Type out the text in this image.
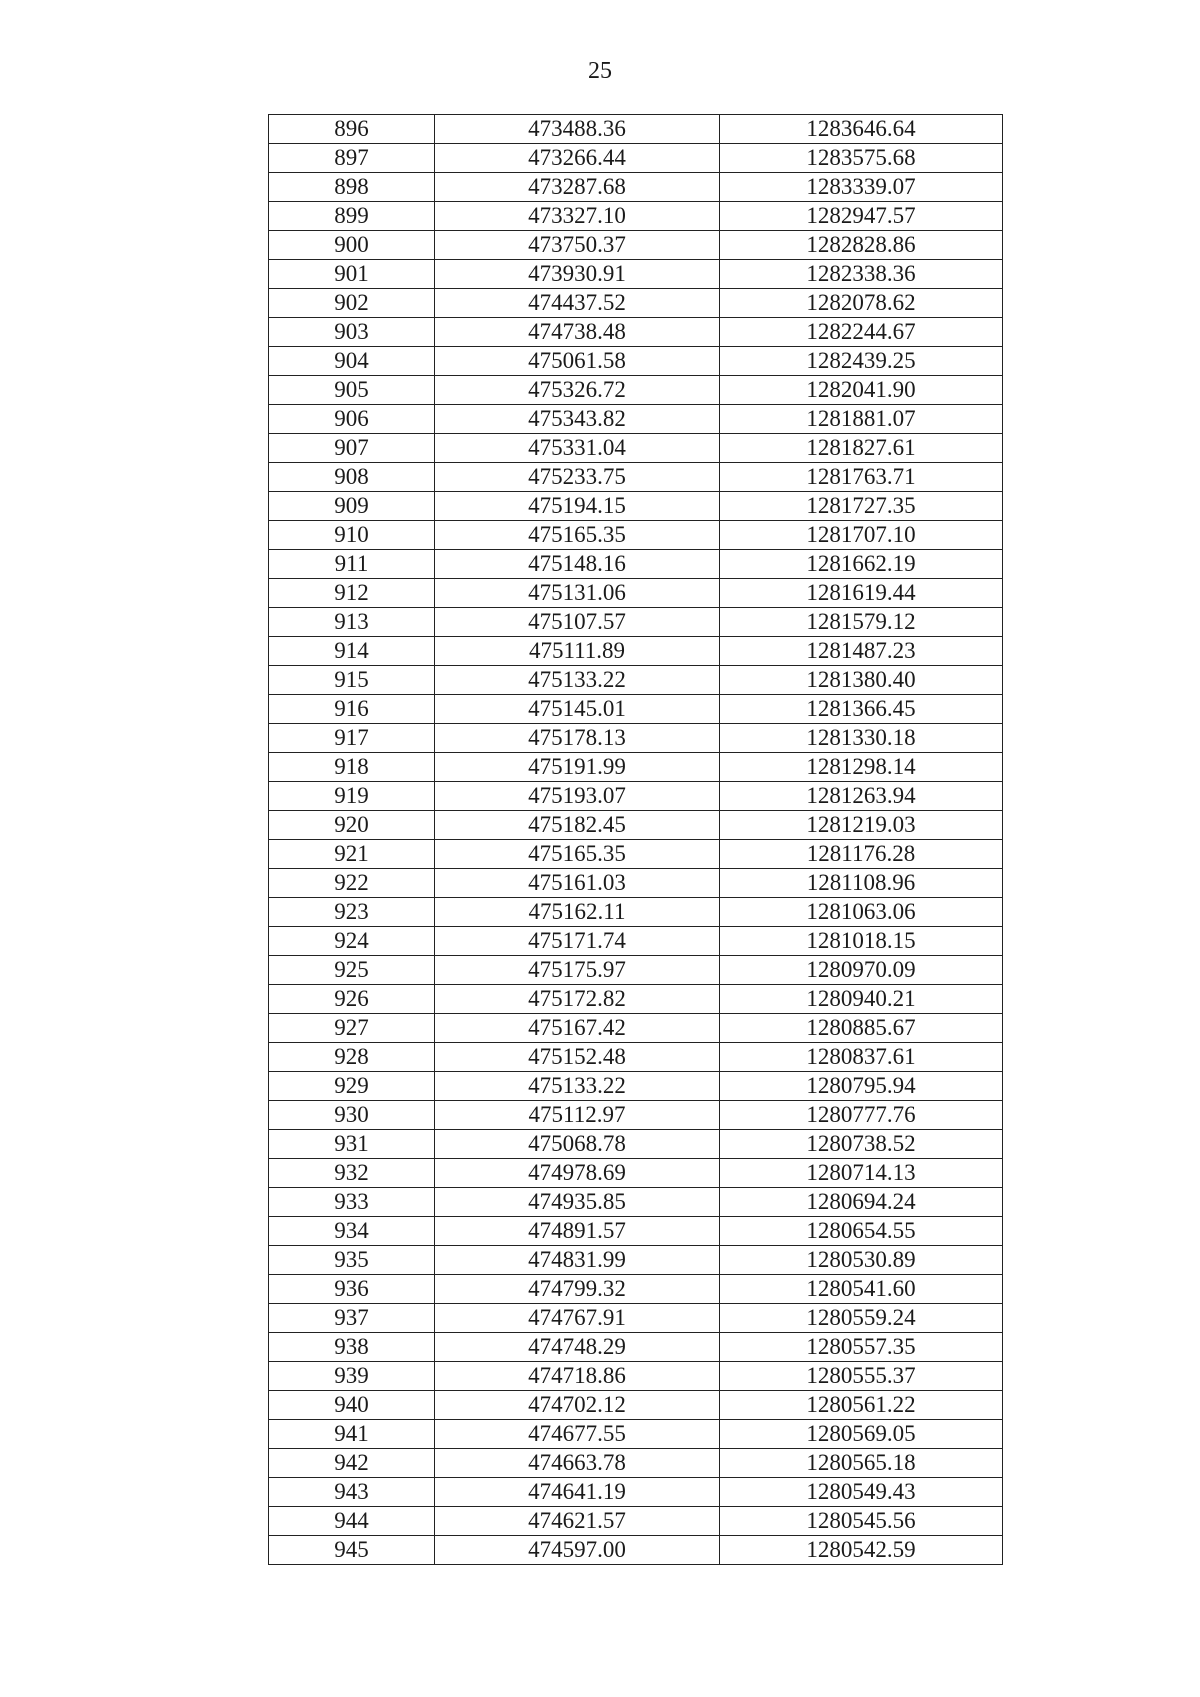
25
896	473488.36	1283646.64
897	473266.44	1283575.68
898	473287.68	1283339.07
899	473327.10	1282947.57
900	473750.37	1282828.86
901	473930.91	1282338.36
902	474437.52	1282078.62
903	474738.48	1282244.67
904	475061.58	1282439.25
905	475326.72	1282041.90
906	475343.82	1281881.07
907	475331.04	1281827.61
908	475233.75	1281763.71
909	475194.15	1281727.35
910	475165.35	1281707.10
911	475148.16	1281662.19
912	475131.06	1281619.44
913	475107.57	1281579.12
914	475111.89	1281487.23
915	475133.22	1281380.40
916	475145.01	1281366.45
917	475178.13	1281330.18
918	475191.99	1281298.14
919	475193.07	1281263.94
920	475182.45	1281219.03
921	475165.35	1281176.28
922	475161.03	1281108.96
923	475162.11	1281063.06
924	475171.74	1281018.15
925	475175.97	1280970.09
926	475172.82	1280940.21
927	475167.42	1280885.67
928	475152.48	1280837.61
929	475133.22	1280795.94
930	475112.97	1280777.76
931	475068.78	1280738.52
932	474978.69	1280714.13
933	474935.85	1280694.24
934	474891.57	1280654.55
935	474831.99	1280530.89
936	474799.32	1280541.60
937	474767.91	1280559.24
938	474748.29	1280557.35
939	474718.86	1280555.37
940	474702.12	1280561.22
941	474677.55	1280569.05
942	474663.78	1280565.18
943	474641.19	1280549.43
944	474621.57	1280545.56
945	474597.00	1280542.59
